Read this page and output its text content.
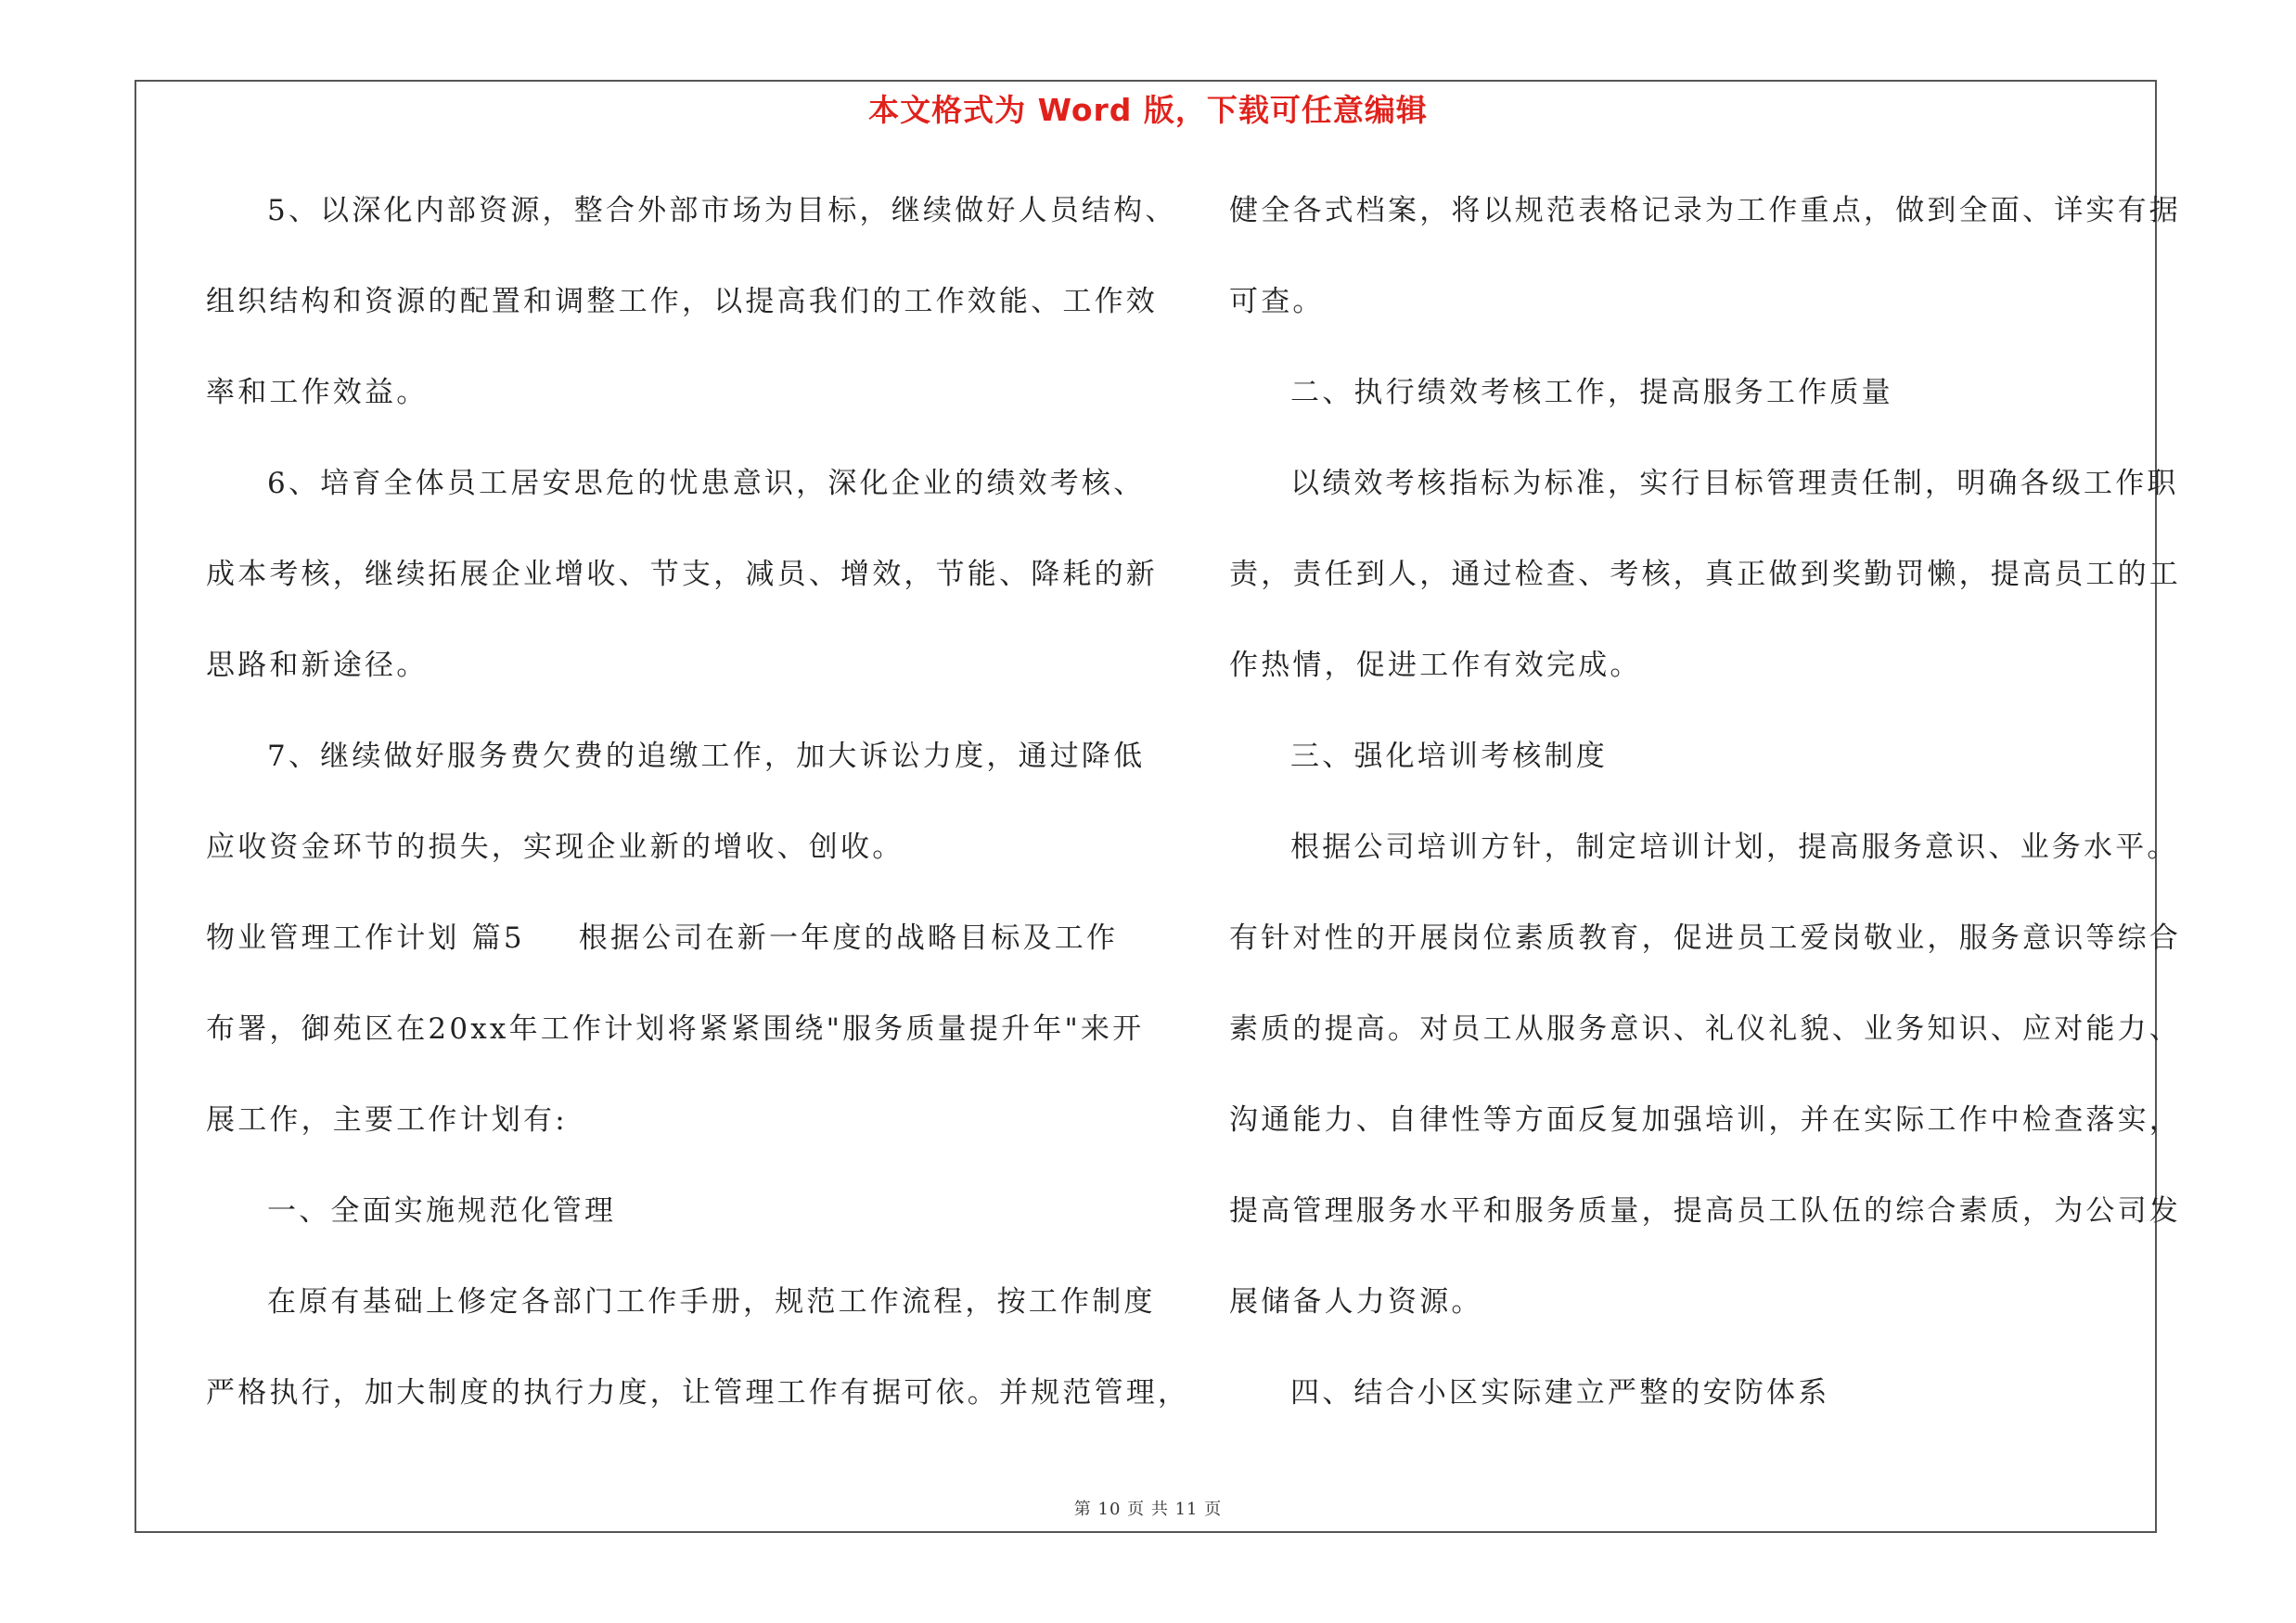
本文格式为 Word 版，下载可任意编辑
5、以深化内部资源，整合外部市场为目标，继续做好人员结构、
组织结构和资源的配置和调整工作，以提高我们的工作效能、工作效
率和工作效益。
6、培育全体员工居安思危的忧患意识，深化企业的绩效考核、
成本考核，继续拓展企业增收、节支，减员、增效，节能、降耗的新
思路和新途径。
7、继续做好服务费欠费的追缴工作，加大诉讼力度，通过降低
应收资金环节的损失，实现企业新的增收、创收。
物业管理工作计划 篇5 根据公司在新一年度的战略目标及工作
布署，御苑区在20xx年工作计划将紧紧围绕"服务质量提升年"来开
展工作，主要工作计划有:
一、全面实施规范化管理
在原有基础上修定各部门工作手册，规范工作流程，按工作制度
严格执行，加大制度的执行力度，让管理工作有据可依。并规范管理，
健全各式档案，将以规范表格记录为工作重点，做到全面、详实有据
可查。
二、执行绩效考核工作，提高服务工作质量
以绩效考核指标为标准，实行目标管理责任制，明确各级工作职
责，责任到人，通过检查、考核，真正做到奖勤罚懒，提高员工的工
作热情，促进工作有效完成。
三、强化培训考核制度
根据公司培训方针，制定培训计划，提高服务意识、业务水平。
有针对性的开展岗位素质教育，促进员工爱岗敬业，服务意识等综合
素质的提高。对员工从服务意识、礼仪礼貌、业务知识、应对能力、
沟通能力、自律性等方面反复加强培训，并在实际工作中检查落实，
提高管理服务水平和服务质量，提高员工队伍的综合素质，为公司发
展储备人力资源。
四、结合小区实际建立严整的安防体系
第 10 页 共 11 页
